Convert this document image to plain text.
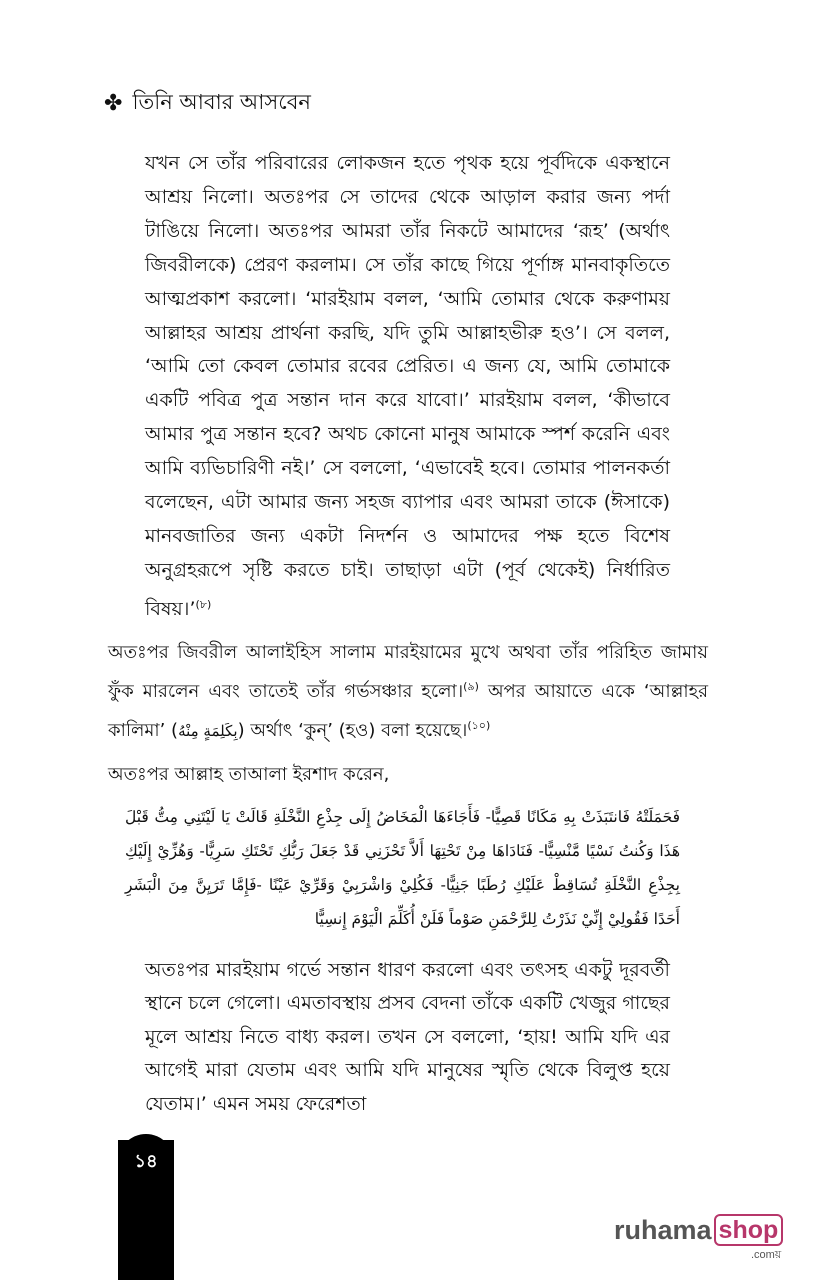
✤ তিনি আবার আসবেন

যখন সে তাঁর পরিবারের লোকজন হতে পৃথক হয়ে পূর্বদিকে একস্থানে আশ্রয় নিলো। অতঃপর সে তাদের থেকে আড়াল করার জন্য পর্দা টাঙিয়ে নিলো। অতঃপর আমরা তাঁর নিকটে আমাদের ‘রূহ’ (অর্থাৎ জিবরীলকে) প্রেরণ করলাম। সে তাঁর কাছে গিয়ে পূর্ণাঙ্গ মানবাকৃতিতে আত্মপ্রকাশ করলো। ‘মারইয়াম বলল, ‘আমি তোমার থেকে করুণাময় আল্লাহর আশ্রয় প্রার্থনা করছি, যদি তুমি আল্লাহভীরু হও’। সে বলল, ‘আমি তো কেবল তোমার রবের প্রেরিত। এ জন্য যে, আমি তোমাকে একটি পবিত্র পুত্র সন্তান দান করে যাবো।’ মারইয়াম বলল, ‘কীভাবে আমার পুত্র সন্তান হবে? অথচ কোনো মানুষ আমাকে স্পর্শ করেনি এবং আমি ব্যভিচারিণী নই।’ সে বললো, ‘এভাবেই হবে। তোমার পালনকর্তা বলেছেন, এটা আমার জন্য সহজ ব্যাপার এবং আমরা তাকে (ঈসাকে) মানবজাতির জন্য একটা নিদর্শন ও আমাদের পক্ষ হতে বিশেষ অনুগ্রহরূপে সৃষ্টি করতে চাই। তাছাড়া এটা (পূর্ব থেকেই) নির্ধারিত বিষয়।’$^{(৮)}$

অতঃপর জিবরীল আলাইহিস সালাম মারইয়ামের মুখে অথবা তাঁর পরিহিত জামায় ফুঁক মারলেন এবং তাতেই তাঁর গর্ভসঞ্চার হলো।$^{(৯)}$ অপর আয়াতে একে ‘আল্লাহর কালিমা’ (بِكَلِمَةٍ مِنْهُ) অর্থাৎ ‘কুন্’ (হও) বলা হয়েছে।$^{(১০)}$

অতঃপর আল্লাহ তাআলা ইরশাদ করেন,

فَحَمَلَتْهُ فَانتَبَذَتْ بِهِ مَكَانًا قَصِيًّا- فَأَجَاءَهَا الْمَخَاضُ إِلَى جِذْعِ النَّخْلَةِ قَالَتْ يَا لَيْتَنِي مِتُّ قَبْلَ هَذَا وَكُنتُ نَسْيًا مَّنْسِيًّا- فَنَادَاهَا مِنْ تَحْتِهَا أَلاَّ تَحْزَنِي قَدْ جَعَلَ رَبُّكِ تَحْتَكِ سَرِيًّا- وَهُزِّيْ إِلَيْكِ بِجِذْعِ النَّخْلَةِ تُسَاقِطْ عَلَيْكِ رُطَبًا جَنِيًّا- فَكُلِيْ وَاشْرَبِيْ وَقَرِّيْ عَيْنًا -فَإِمَّا تَرَيِنَّ مِنَ الْبَشَرِ أَحَدًا فَقُولِيْ إِنِّيْ نَذَرْتُ لِلرَّحْمَنِ صَوْماً فَلَنْ أُكَلِّمَ الْيَوْمَ إِنسِيًّا

অতঃপর মারইয়াম গর্ভে সন্তান ধারণ করলো এবং তৎসহ একটু দূরবর্তী স্থানে চলে গেলো। এমতাবস্থায় প্রসব বেদনা তাঁকে একটি খেজুর গাছের মূলে আশ্রয় নিতে বাধ্য করল। তখন সে বললো, ‘হায়! আমি যদি এর আগেই মারা যেতাম এবং আমি যদি মানুষের স্মৃতি থেকে বিলুপ্ত হয়ে যেতাম।’ এমন সময় ফেরেশতা

১৪
ruhama shop
.comয়
